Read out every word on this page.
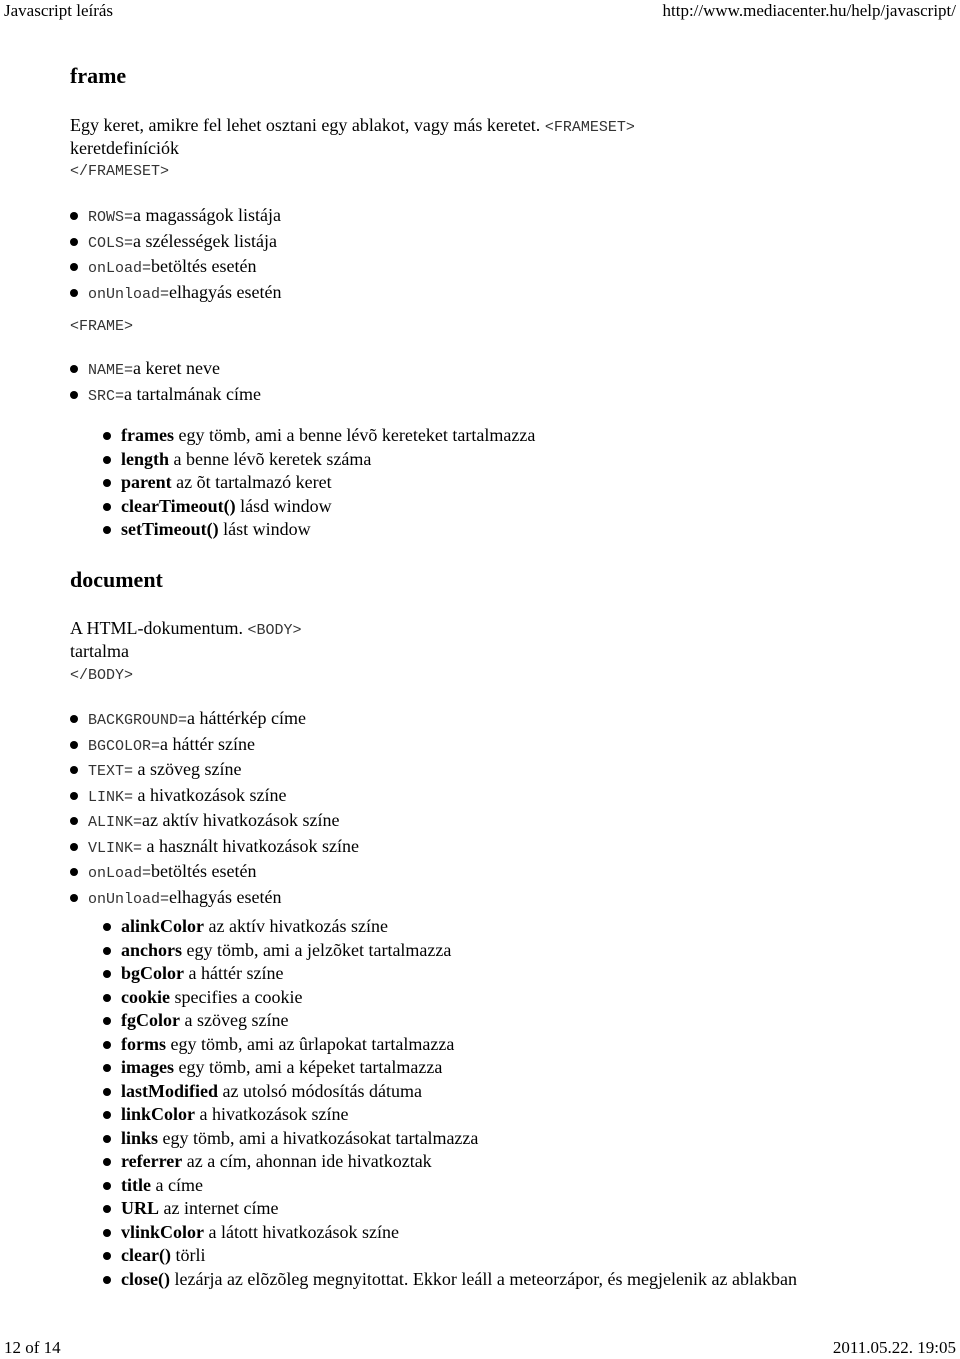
Javascript leírás	http://www.mediacenter.hu/help/javascript/
frame
Egy keret, amikre fel lehet osztani egy ablakot, vagy más keretet. <FRAMESET>
keretdefiníciók
</FRAMESET>
ROWS=a magasságok listája
COLS=a szélességek listája
onLoad=betöltés esetén
onUnload=elhagyás esetén
<FRAME>
NAME=a keret neve
SRC=a tartalmának címe
frames egy tömb, ami a benne lévõ kereteket tartalmazza
length a benne lévõ keretek száma
parent az õt tartalmazó keret
clearTimeout() lásd window
setTimeout() lást window
document
A HTML-dokumentum. <BODY>
tartalma
</BODY>
BACKGROUND=a háttérkép címe
BGCOLOR=a háttér színe
TEXT= a szöveg színe
LINK= a hivatkozások színe
ALINK=az aktív hivatkozások színe
VLINK= a használt hivatkozások színe
onLoad=betöltés esetén
onUnload=elhagyás esetén
alinkColor az aktív hivatkozás színe
anchors egy tömb, ami a jelzõket tartalmazza
bgColor a háttér színe
cookie specifies a cookie
fgColor a szöveg színe
forms egy tömb, ami az ûrlapokat tartalmazza
images egy tömb, ami a képeket tartalmazza
lastModified az utolsó módosítás dátuma
linkColor a hivatkozások színe
links egy tömb, ami a hivatkozásokat tartalmazza
referrer az a cím, ahonnan ide hivatkoztak
title a címe
URL az internet címe
vlinkColor a látott hivatkozások színe
clear() törli
close() lezárja az elõzõleg megnyitottat. Ekkor leáll a meteorzápor, és megjelenik az ablakban
12 of 14	2011.05.22. 19:05
